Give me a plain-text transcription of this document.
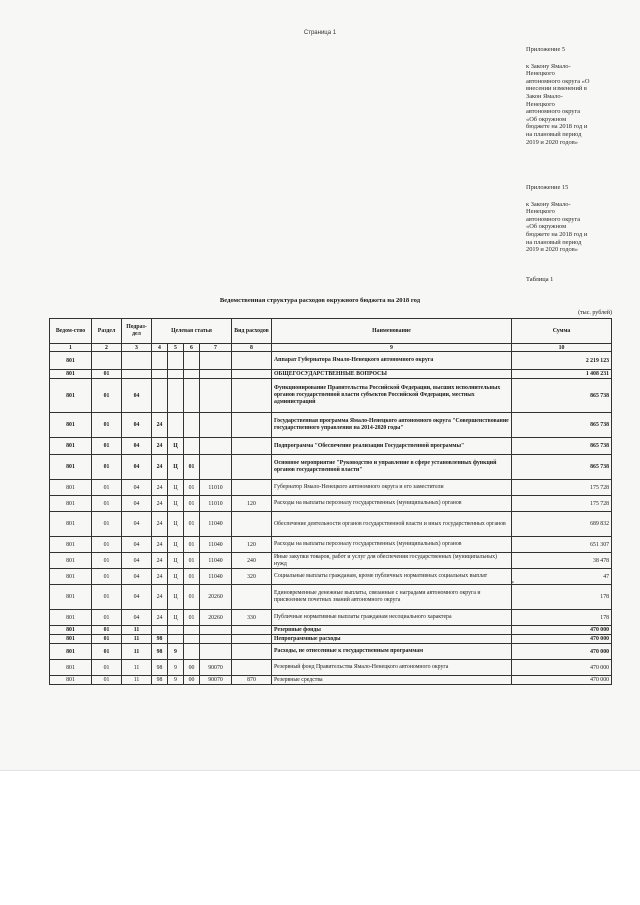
Страница 1
Приложение 5
к Закону Ямало-
Ненецкого
автономного округа «О
внесении изменений в
Закон Ямало-
Ненецкого
автономного округа
«Об окружном
бюджете на 2018 год и
на плановый период
2019 и 2020 годов»
Приложение 15
к Закону Ямало-
Ненецкого
автономного округа
«Об окружном
бюджете на 2018 год и
на плановый период
2019 и 2020 годов»
Таблица 1
Ведомственная структура расходов окружного бюджета на 2018 год
(тыс. рублей)
Ведом-ство	Раздел	Подраз-дел	Целевая статья				Вид расходов	Наименование	Сумма
1	2	3	4	5	6	7	8	9	10
801								Аппарат Губернатора Ямало-Ненецкого автономного округа	2 219 123
801	01							ОБЩЕГОСУДАРСТВЕННЫЕ ВОПРОСЫ	1 408 231
801	01	04						Функционирование Правительства Российской Федерации, высших исполнительных органов государственной власти субъектов Российской Федерации, местных администраций	865 738
801	01	04	24					Государственная программа Ямало-Ненецкого автономного округа "Совершенствование государственного управления на 2014-2020 годы"	865 738
801	01	04	24	Ц				Подпрограмма "Обеспечение реализации Государственной программы"	865 738
801	01	04	24	Ц	01			Основное мероприятие "Руководство и управление в сфере установленных функций органов государственной власти"	865 738
801	01	04	24	Ц	01	11010		Губернатор Ямало-Ненецкого автономного округа и его заместители	175 728
801	01	04	24	Ц	01	11010	120	Расходы на выплаты персоналу государственных (муниципальных) органов	175 728
801	01	04	24	Ц	01	11040		Обеспечение деятельности органов государственной власти и иных государственных органов	689 832
801	01	04	24	Ц	01	11040	120	Расходы на выплаты персоналу государственных (муниципальных) органов	651 307
801	01	04	24	Ц	01	11040	240	Иные закупки товаров, работ и услуг для обеспечения государственных (муниципальных) нужд	38 478
801	01	04	24	Ц	01	11040	320	Социальные выплаты гражданам, кроме публичных нормативных социальных выплат	47
801	01	04	24	Ц	01	20260		Единовременные денежные выплаты, связанные с наградами автономного округа и присвоением почетных званий автономного округа	178
801	01	04	24	Ц	01	20260	330	Публичные нормативные выплаты гражданам несоциального характера	178
801	01	11						Резервные фонды	470 000
801	01	11	98					Непрограммные расходы	470 000
801	01	11	98	9				Расходы, не отнесенные к государственным программам	470 000
801	01	11	98	9	00	90070		Резервный фонд Правительства Ямало-Ненецкого автономного округа	470 000
801	01	11	98	9	00	90070	870	Резервные средства	470 000
*
